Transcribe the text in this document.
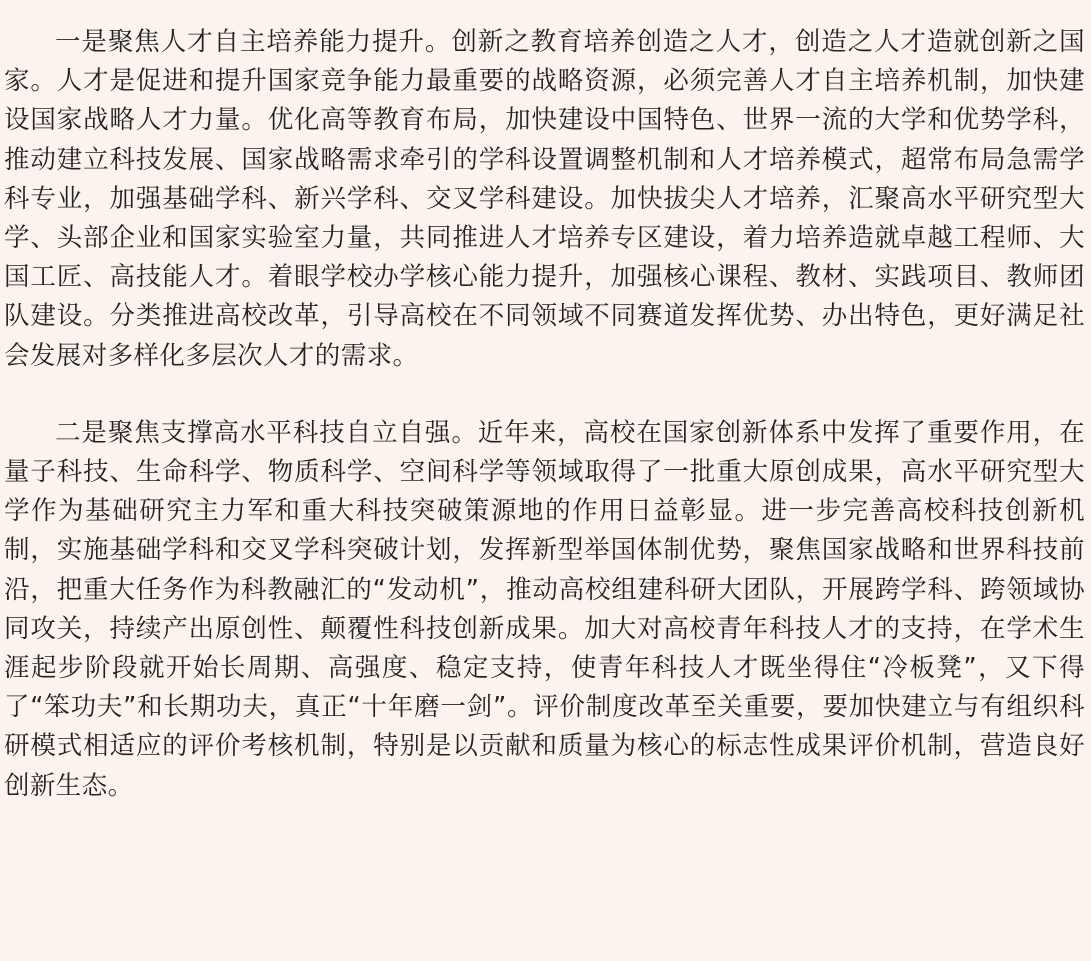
一是聚焦人才自主培养能力提升。创新之教育培养创造之人才，创造之人才造就创新之国家。人才是促进和提升国家竞争能力最重要的战略资源，必须完善人才自主培养机制，加快建设国家战略人才力量。优化高等教育布局，加快建设中国特色、世界一流的大学和优势学科，推动建立科技发展、国家战略需求牵引的学科设置调整机制和人才培养模式，超常布局急需学科专业，加强基础学科、新兴学科、交叉学科建设。加快拔尖人才培养，汇聚高水平研究型大学、头部企业和国家实验室力量，共同推进人才培养专区建设，着力培养造就卓越工程师、大国工匠、高技能人才。着眼学校办学核心能力提升，加强核心课程、教材、实践项目、教师团队建设。分类推进高校改革，引导高校在不同领域不同赛道发挥优势、办出特色，更好满足社会发展对多样化多层次人才的需求。

二是聚焦支撑高水平科技自立自强。近年来，高校在国家创新体系中发挥了重要作用，在量子科技、生命科学、物质科学、空间科学等领域取得了一批重大原创成果，高水平研究型大学作为基础研究主力军和重大科技突破策源地的作用日益彰显。进一步完善高校科技创新机制，实施基础学科和交叉学科突破计划，发挥新型举国体制优势，聚焦国家战略和世界科技前沿，把重大任务作为科教融汇的“发动机”，推动高校组建科研大团队，开展跨学科、跨领域协同攻关，持续产出原创性、颠覆性科技创新成果。加大对高校青年科技人才的支持，在学术生涯起步阶段就开始长周期、高强度、稳定支持，使青年科技人才既坐得住“冷板凳”，又下得了“笨功夫”和长期功夫，真正“十年磨一剑”。评价制度改革至关重要，要加快建立与有组织科研模式相适应的评价考核机制，特别是以贡献和质量为核心的标志性成果评价机制，营造良好创新生态。
